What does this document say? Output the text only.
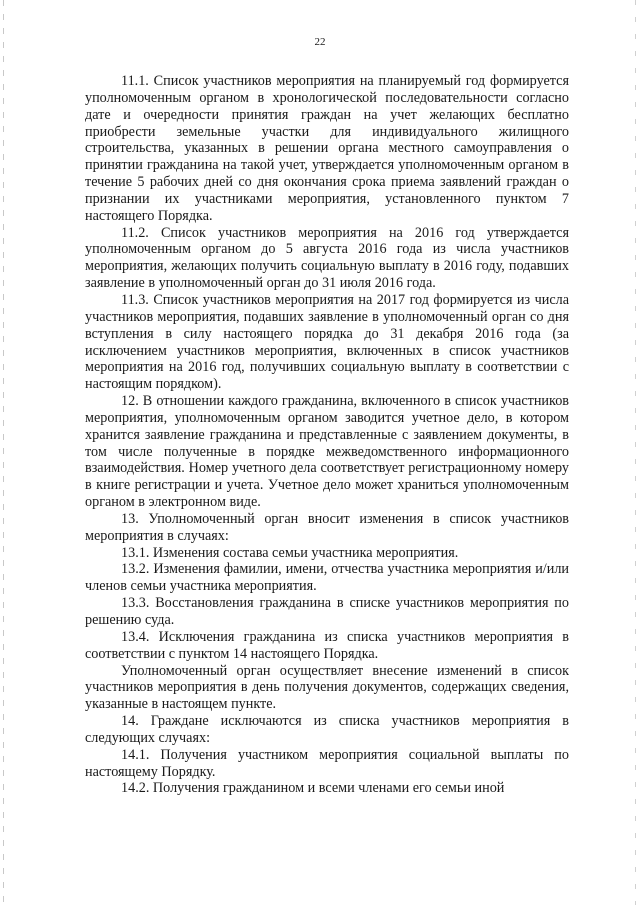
22

11.1. Список участников мероприятия на планируемый год формируется уполномоченным органом в хронологической последовательности согласно дате и очередности принятия граждан на учет желающих бесплатно приобрести земельные участки для индивидуального жилищного строительства, указанных в решении органа местного самоуправления о принятии гражданина на такой учет, утверждается уполномоченным органом в течение 5 рабочих дней со дня окончания срока приема заявлений граждан о признании их участниками мероприятия, установленного пунктом 7 настоящего Порядка.

11.2. Список участников мероприятия на 2016 год утверждается уполномоченным органом до 5 августа 2016 года из числа участников мероприятия, желающих получить социальную выплату в 2016 году, подавших заявление в уполномоченный орган до 31 июля 2016 года.

11.3. Список участников мероприятия на 2017 год формируется из числа участников мероприятия, подавших заявление в уполномоченный орган со дня вступления в силу настоящего порядка до 31 декабря 2016 года (за исключением участников мероприятия, включенных в список участников мероприятия на 2016 год, получивших социальную выплату в соответствии с настоящим порядком).

12. В отношении каждого гражданина, включенного в список участников мероприятия, уполномоченным органом заводится учетное дело, в котором хранится заявление гражданина и представленные с заявлением документы, в том числе полученные в порядке межведомственного информационного взаимодействия. Номер учетного дела соответствует регистрационному номеру в книге регистрации и учета. Учетное дело может храниться уполномоченным органом в электронном виде.

13. Уполномоченный орган вносит изменения в список участников мероприятия в случаях:

13.1. Изменения состава семьи участника мероприятия.

13.2. Изменения фамилии, имени, отчества участника мероприятия и/или членов семьи участника мероприятия.

13.3. Восстановления гражданина в списке участников мероприятия по решению суда.

13.4. Исключения гражданина из списка участников мероприятия в соответствии с пунктом 14 настоящего Порядка.

Уполномоченный орган осуществляет внесение изменений в список участников мероприятия в день получения документов, содержащих сведения, указанные в настоящем пункте.

14. Граждане исключаются из списка участников мероприятия в следующих случаях:

14.1. Получения участником мероприятия социальной выплаты по настоящему Порядку.

14.2. Получения гражданином и всеми членами его семьи иной
